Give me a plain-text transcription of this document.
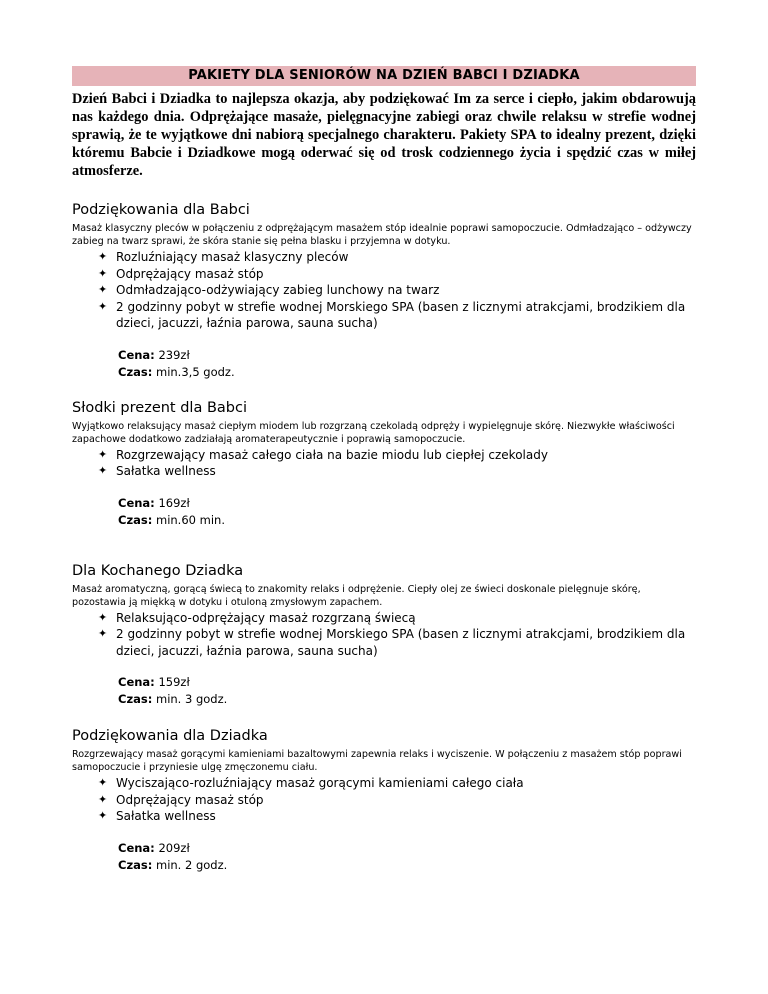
PAKIETY DLA SENIORÓW NA DZIEŃ BABCI I DZIADKA
Dzień Babci i Dziadka to najlepsza okazja, aby podziękować Im za serce i ciepło, jakim obdarowują nas każdego dnia. Odprężające masaże, pielęgnacyjne zabiegi oraz chwile relaksu w strefie wodnej sprawią, że te wyjątkowe dni nabiorą specjalnego charakteru. Pakiety SPA to idealny prezent, dzięki któremu Babcie i Dziadkowe mogą oderwać się od trosk codziennego życia i spędzić czas w miłej atmosferze.
Podziękowania dla Babci
Masaż klasyczny pleców w połączeniu z odprężającym masażem stóp idealnie poprawi samopoczucie. Odmładzająco – odżywczy zabieg na twarz sprawi, że skóra stanie się pełna blasku i przyjemna w dotyku.
✦ Rozluźniający masaż klasyczny pleców
✦ Odprężający masaż stóp
✦ Odmładzająco-odżywiający zabieg lunchowy na twarz
✦ 2 godzinny pobyt w strefie wodnej Morskiego SPA (basen z licznymi atrakcjami, brodzikiem dla dzieci, jacuzzi, łaźnia parowa, sauna sucha)
Cena: 239zł
Czas: min.3,5 godz.
Słodki prezent dla Babci
Wyjątkowo relaksujący masaż ciepłym miodem lub rozgrzaną czekoladą odpręży i wypielęgnuje skórę. Niezwykłe właściwości zapachowe dodatkowo zadziałają aromaterapeutycznie i poprawią samopoczucie.
✦ Rozgrzewający masaż całego ciała na bazie miodu lub ciepłej czekolady
✦ Sałatka wellness
Cena: 169zł
Czas: min.60 min.
Dla Kochanego Dziadka
Masaż aromatyczną, gorącą świecą to znakomity relaks i odprężenie. Ciepły olej ze świeci doskonale pielęgnuje skórę, pozostawia ją miękką w dotyku i otuloną zmysłowym zapachem.
✦ Relaksująco-odprężający masaż rozgrzaną świecą
✦ 2 godzinny pobyt w strefie wodnej Morskiego SPA (basen z licznymi atrakcjami, brodzikiem dla dzieci, jacuzzi, łaźnia parowa, sauna sucha)
Cena: 159zł
Czas: min. 3 godz.
Podziękowania dla Dziadka
Rozgrzewający masaż gorącymi kamieniami bazaltowymi zapewnia relaks i wyciszenie. W połączeniu z masażem stóp poprawi samopoczucie i przyniesie ulgę zmęczonemu ciału.
✦ Wyciszająco-rozluźniający masaż gorącymi kamieniami całego ciała
✦ Odprężający masaż stóp
✦ Sałatka wellness
Cena: 209zł
Czas: min. 2 godz.
